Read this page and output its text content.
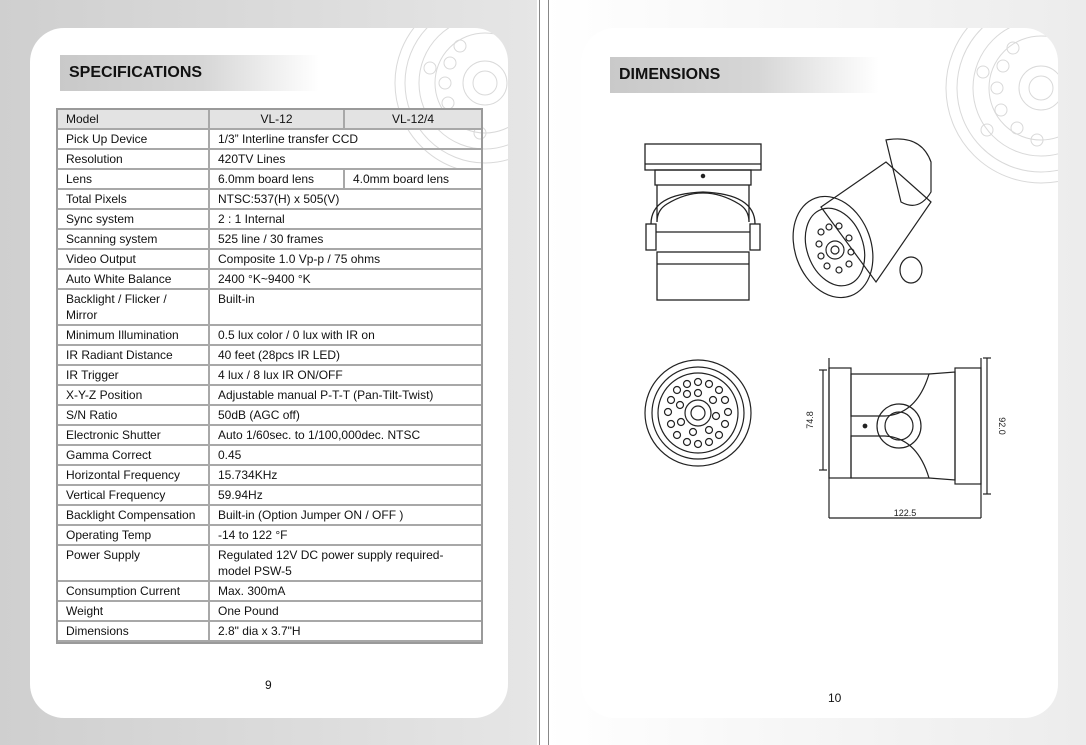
SPECIFICATIONS
Model	VL-12	VL-12/4
Pick Up Device	1/3” Interline transfer CCD	
Resolution	420TV Lines	
Lens	6.0mm board lens	4.0mm board lens
Total Pixels	NTSC:537(H) x 505(V)	
Sync system	2 : 1 Internal	
Scanning system	525 line / 30 frames	
Video Output	Composite 1.0 Vp-p / 75 ohms	
Auto White Balance	2400 °K~9400 °K	
Backlight / Flicker / Mirror	Built-in	
Minimum Illumination	0.5 lux color / 0 lux with IR on	
IR Radiant Distance	40 feet (28pcs IR LED)	
IR Trigger	4 lux / 8 lux IR ON/OFF	
X-Y-Z Position	Adjustable manual P-T-T (Pan-Tilt-Twist)	
S/N Ratio	50dB (AGC off)	
Electronic Shutter	Auto 1/60sec. to 1/100,000dec. NTSC	
Gamma Correct	0.45	
Horizontal Frequency	15.734KHz	
Vertical Frequency	59.94Hz	
Backlight Compensation	Built-in (Option Jumper ON / OFF )	
Operating Temp	-14 to 122 °F	
Power Supply	Regulated 12V DC power supply required-model PSW-5	
Consumption Current	Max. 300mA	
Weight	One Pound	
Dimensions	2.8" dia x 3.7"H	
9
DIMENSIONS
74.8	92.0
122.5
10
